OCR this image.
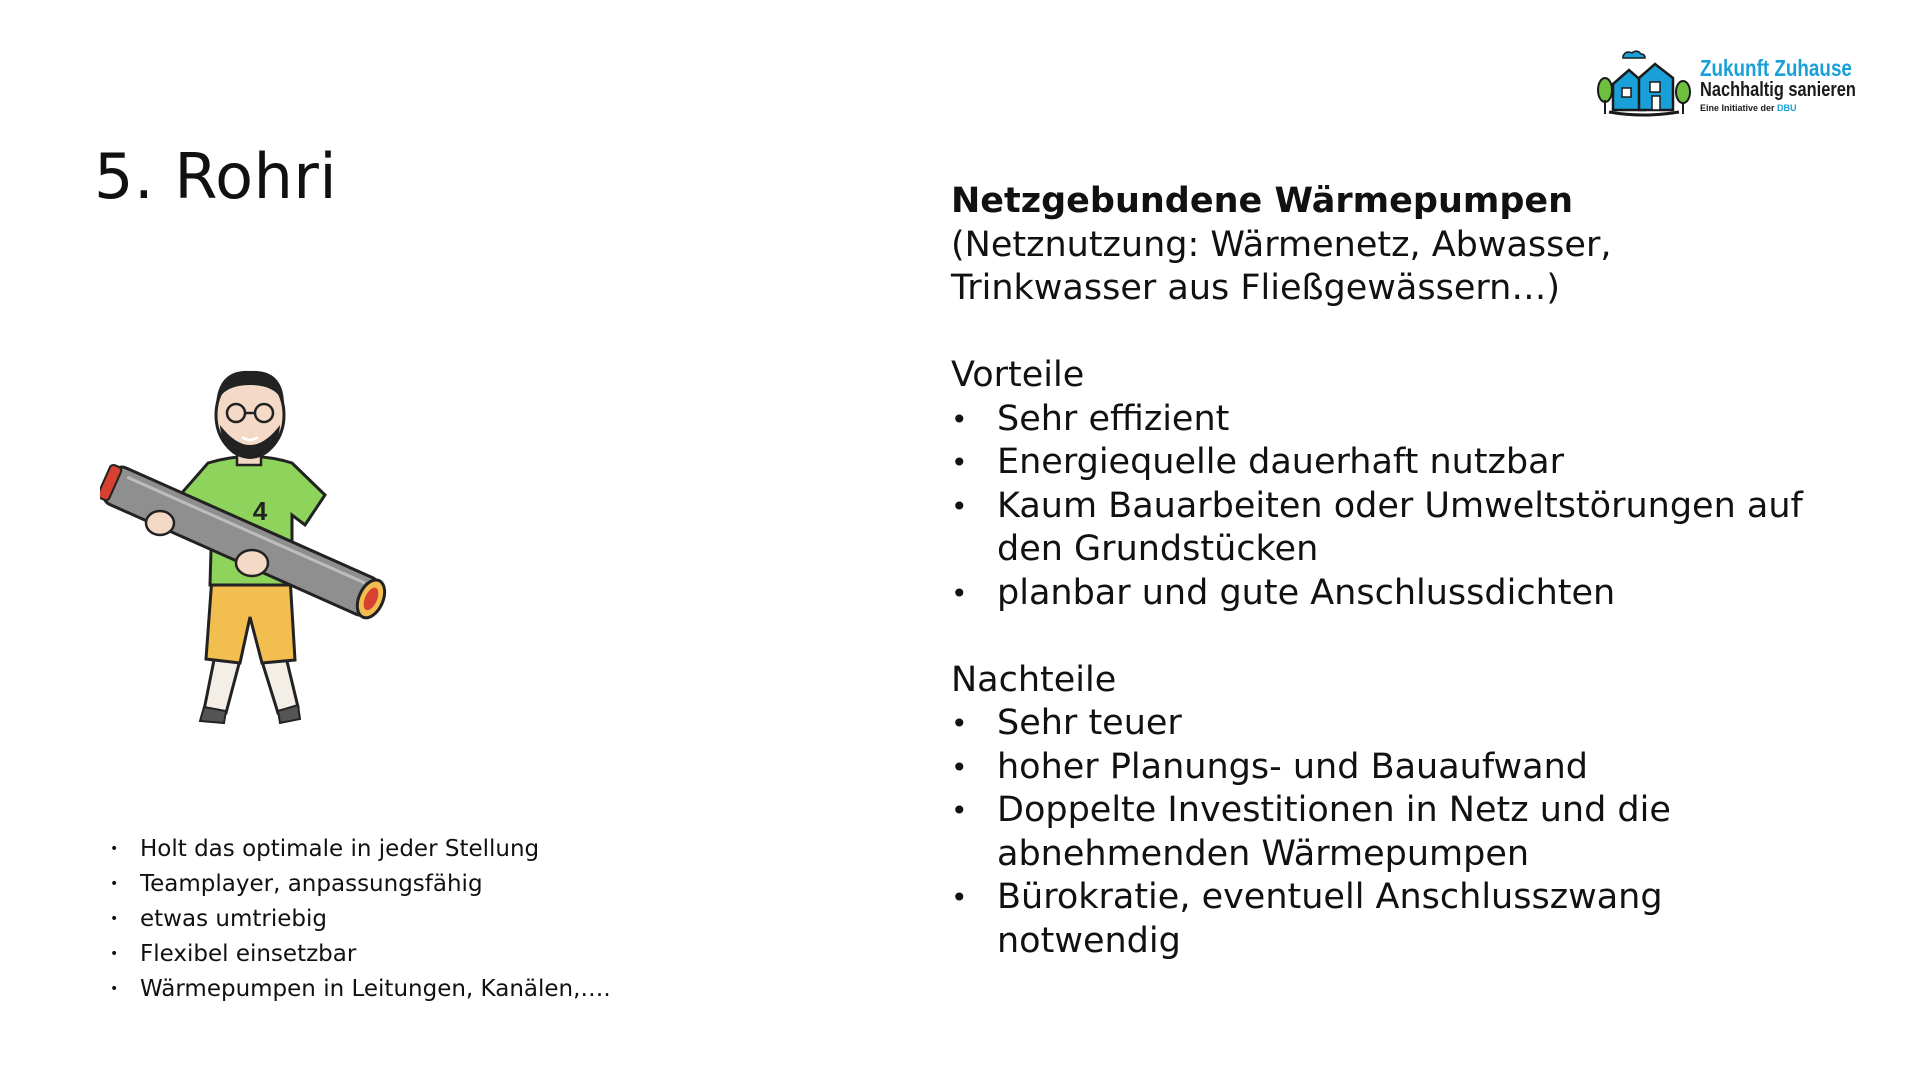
5. Rohri
Zukunft Zuhause
Nachhaltig sanieren
Eine Initiative der DBU
4
• Holt das optimale in jeder Stellung
• Teamplayer, anpassungsfähig
• etwas umtriebig
• Flexibel einsetzbar
• Wärmepumpen in Leitungen, Kanälen,….

Netzgebundene Wärmepumpen

(Netznutzung: Wärmenetz, Abwasser,

Trinkwasser aus Fließgewässern…)

Vorteile

• Sehr effizient
• Energiequelle dauerhaft nutzbar
• Kaum Bauarbeiten oder Umweltstörungen auf den Grundstücken
• planbar und gute Anschlussdichten

Nachteile

• Sehr teuer
• hoher Planungs- und Bauaufwand
• Doppelte Investitionen in Netz und die abnehmenden Wärmepumpen
• Bürokratie, eventuell Anschlusszwang notwendig
